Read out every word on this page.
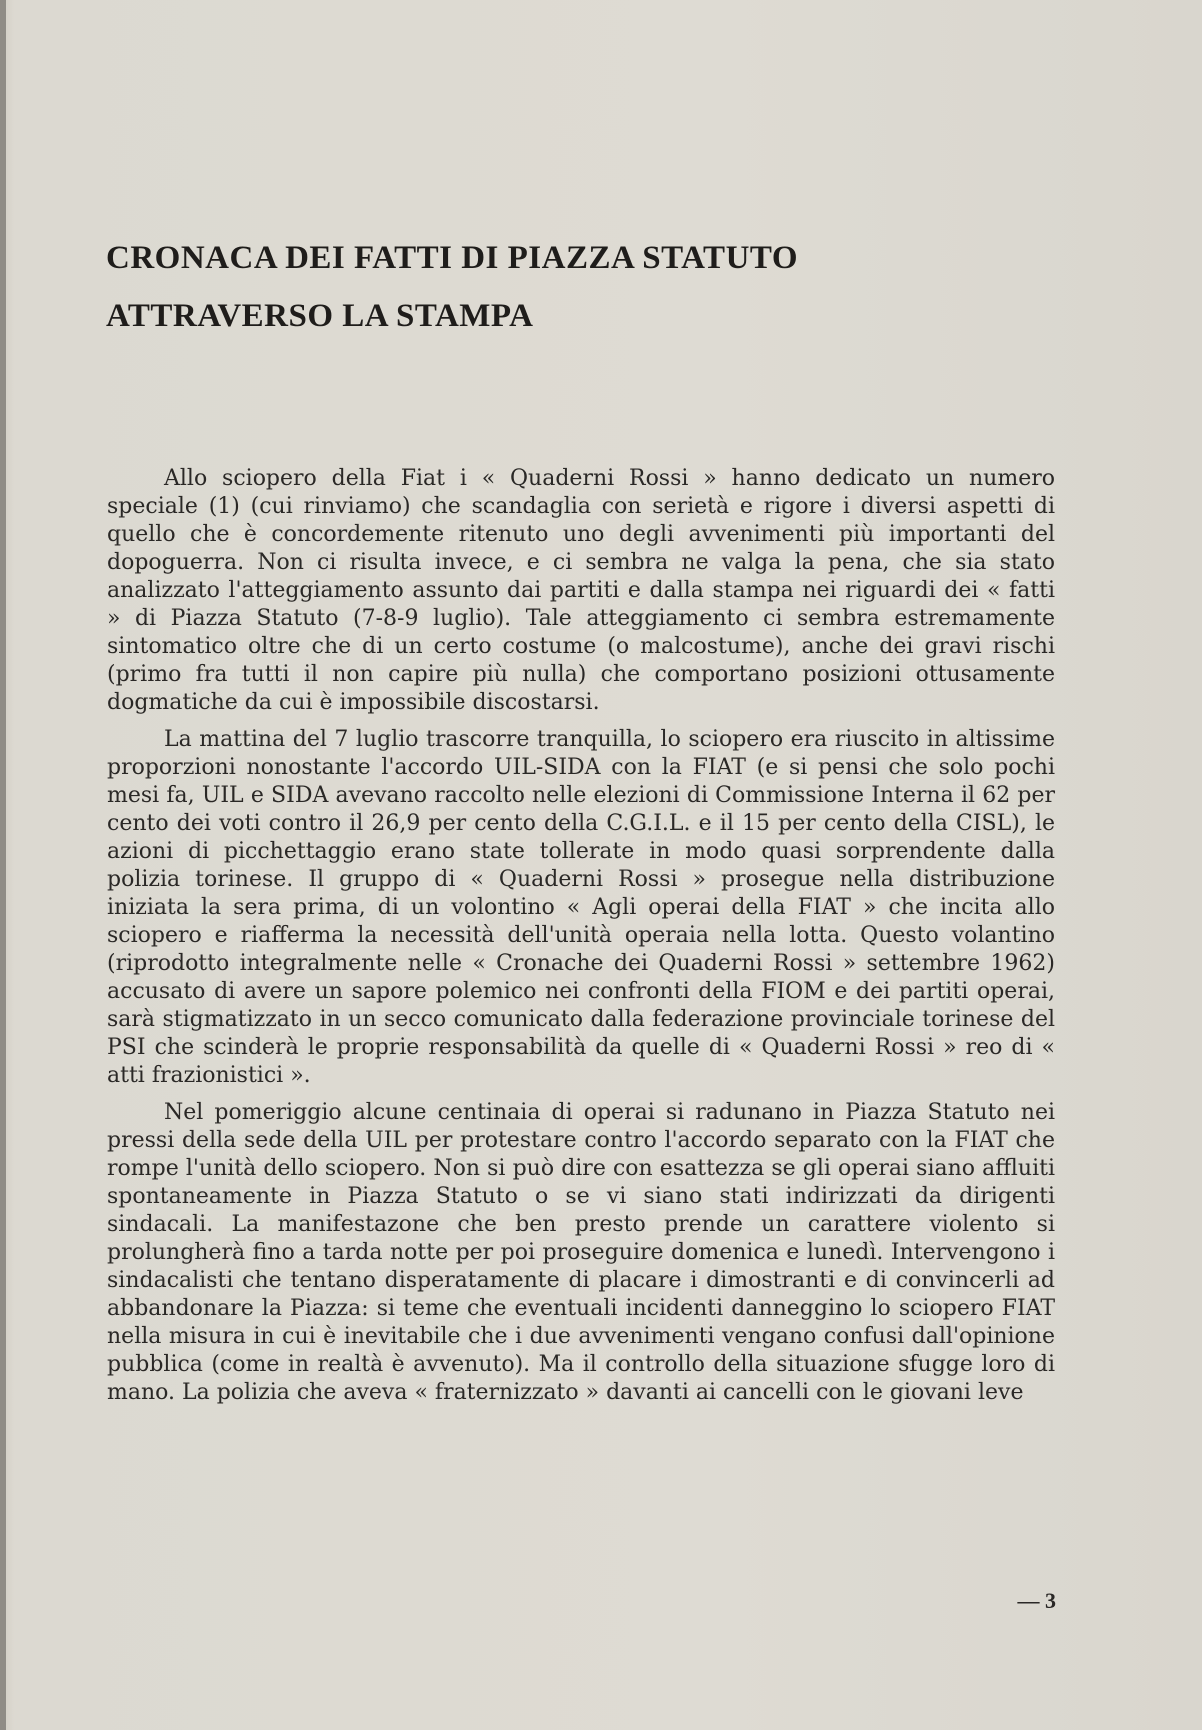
CRONACA DEI FATTI DI PIAZZA STATUTO
ATTRAVERSO LA STAMPA

Allo sciopero della Fiat i « Quaderni Rossi » hanno dedicato un numero speciale (1) (cui rinviamo) che scandaglia con serietà e rigore i diversi aspetti di quello che è concordemente ritenuto uno degli avvenimenti più importanti del dopoguerra. Non ci risulta invece, e ci sembra ne valga la pena, che sia stato analizzato l'atteggiamento assunto dai partiti e dalla stampa nei riguardi dei « fatti » di Piazza Statuto (7-8-9 luglio). Tale atteggiamento ci sembra estremamente sintomatico oltre che di un certo costume (o malcostume), anche dei gravi rischi (primo fra tutti il non capire più nulla) che comportano posizioni ottusamente dogmatiche da cui è impossibile discostarsi.

La mattina del 7 luglio trascorre tranquilla, lo sciopero era riuscito in altissime proporzioni nonostante l'accordo UIL-SIDA con la FIAT (e si pensi che solo pochi mesi fa, UIL e SIDA avevano raccolto nelle elezioni di Commissione Interna il 62 per cento dei voti contro il 26,9 per cento della C.G.I.L. e il 15 per cento della CISL), le azioni di picchettaggio erano state tollerate in modo quasi sorprendente dalla polizia torinese. Il gruppo di « Quaderni Rossi » prosegue nella distribuzione iniziata la sera prima, di un volontino « Agli operai della FIAT » che incita allo sciopero e riafferma la necessità dell'unità operaia nella lotta. Questo volantino (riprodotto integralmente nelle « Cronache dei Quaderni Rossi » settembre 1962) accusato di avere un sapore polemico nei confronti della FIOM e dei partiti operai, sarà stigmatizzato in un secco comunicato dalla federazione provinciale torinese del PSI che scinderà le proprie responsabilità da quelle di « Quaderni Rossi » reo di « atti frazionistici ».

Nel pomeriggio alcune centinaia di operai si radunano in Piazza Statuto nei pressi della sede della UIL per protestare contro l'accordo separato con la FIAT che rompe l'unità dello sciopero. Non si può dire con esattezza se gli operai siano affluiti spontaneamente in Piazza Statuto o se vi siano stati indirizzati da dirigenti sindacali. La manifestazone che ben presto prende un carattere violento si prolungherà fino a tarda notte per poi proseguire domenica e lunedì. Intervengono i sindacalisti che tentano disperatamente di placare i dimostranti e di convincerli ad abbandonare la Piazza: si teme che eventuali incidenti danneggino lo sciopero FIAT nella misura in cui è inevitabile che i due avvenimenti vengano confusi dall'opinione pubblica (come in realtà è avvenuto). Ma il controllo della situazione sfugge loro di mano. La polizia che aveva « fraternizzato » davanti ai cancelli con le giovani leve

— 3
